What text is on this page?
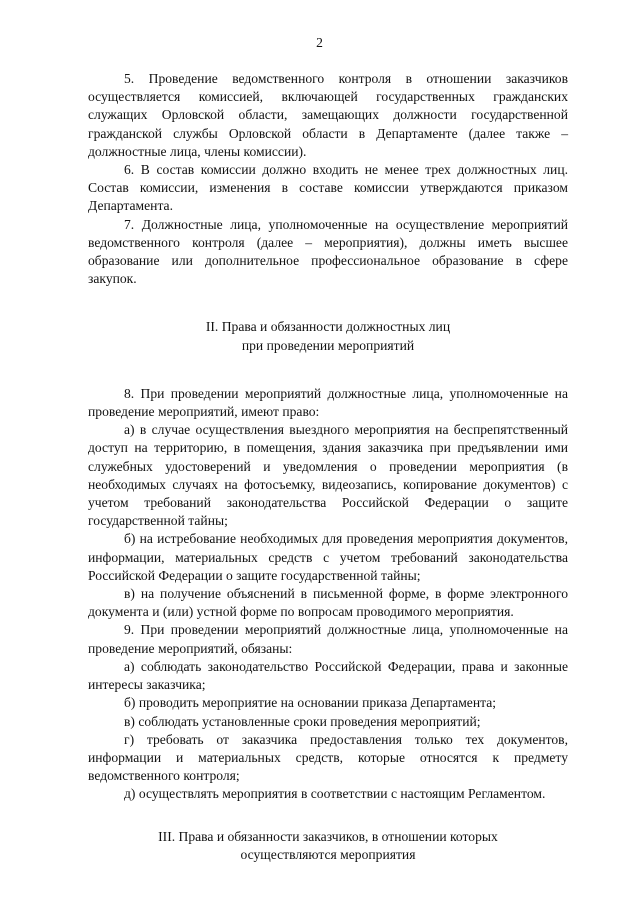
2

5. Проведение ведомственного контроля в отношении заказчиков осуществляется комиссией, включающей государственных гражданских служащих Орловской области, замещающих должности государственной гражданской службы Орловской области в Департаменте (далее также – должностные лица, члены комиссии).

6. В состав комиссии должно входить не менее трех должностных лиц. Состав комиссии, изменения в составе комиссии утверждаются приказом Департамента.

7. Должностные лица, уполномоченные на осуществление мероприятий ведомственного контроля (далее – мероприятия), должны иметь высшее образование или дополнительное профессиональное образование в сфере закупок.

II. Права и обязанности должностных лиц

при проведении мероприятий

8. При проведении мероприятий должностные лица, уполномоченные на проведение мероприятий, имеют право:

а) в случае осуществления выездного мероприятия на беспрепятственный доступ на территорию, в помещения, здания заказчика при предъявлении ими служебных удостоверений и уведомления о проведении мероприятия (в необходимых случаях на фотосъемку, видеозапись, копирование документов) с учетом требований законодательства Российской Федерации о защите государственной тайны;

б) на истребование необходимых для проведения мероприятия документов, информации, материальных средств с учетом требований законодательства Российской Федерации о защите государственной тайны;

в) на получение объяснений в письменной форме, в форме электронного документа и (или) устной форме по вопросам проводимого мероприятия.

9. При проведении мероприятий должностные лица, уполномоченные на проведение мероприятий, обязаны:

а) соблюдать законодательство Российской Федерации, права и законные интересы заказчика;

б) проводить мероприятие на основании приказа Департамента;

в) соблюдать установленные сроки проведения мероприятий;

г) требовать от заказчика предоставления только тех документов, информации и материальных средств, которые относятся к предмету ведомственного контроля;

д) осуществлять мероприятия в соответствии с настоящим Регламентом.

III. Права и обязанности заказчиков, в отношении которых

осуществляются мероприятия
